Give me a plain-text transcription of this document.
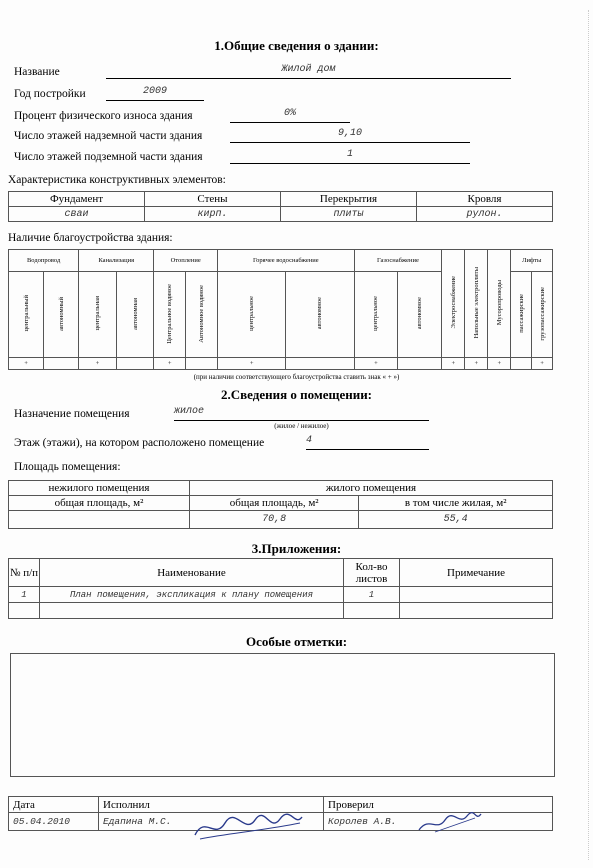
1.Общие сведения о здании:
Название	Жилой дом
Год постройки	2009
Процент физического износа здания	0%
Число этажей надземной части здания	9,10
Число этажей подземной части здания	1
Характеристика конструктивных элементов:
Фундамент	Стены	Перекрытия	Кровля
сваи	кирп.	плиты	рулон.
Наличие благоустройства здания:
Водопровод		Канализация		Отопление		Горячее водоснабжение		Газоснабжение		Электроснабжение	Напольные электроплиты	Мусоропроводы	Лифты	
центральный	автономный	центральная	автономная	Центральное водяное	Автономное водяное	центральное	автономное	центральное	автономное				пассажирские	грузопассажирские
+		+		+		+		+		+	+	+		+
(при наличии соответствующего благоустройства ставить знак « + »)
2.Сведения о помещении:
Назначение помещения	жилое
(жилое / нежилое)
Этаж (этажи), на котором расположено помещение	4
Площадь помещения:
нежилого помещения	жилого помещения	
общая площадь, м²	общая площадь, м²	в том числе жилая, м²
	70,8	55,4
3.Приложения:
№ п/п	Наименование	Кол-во листов	Примечание
1	План помещения, экспликация к плану помещения	1	

Особые отметки:
Дата	Исполнил	Проверил
05.04.2010	Едапина М.С.	Королев А.В.
